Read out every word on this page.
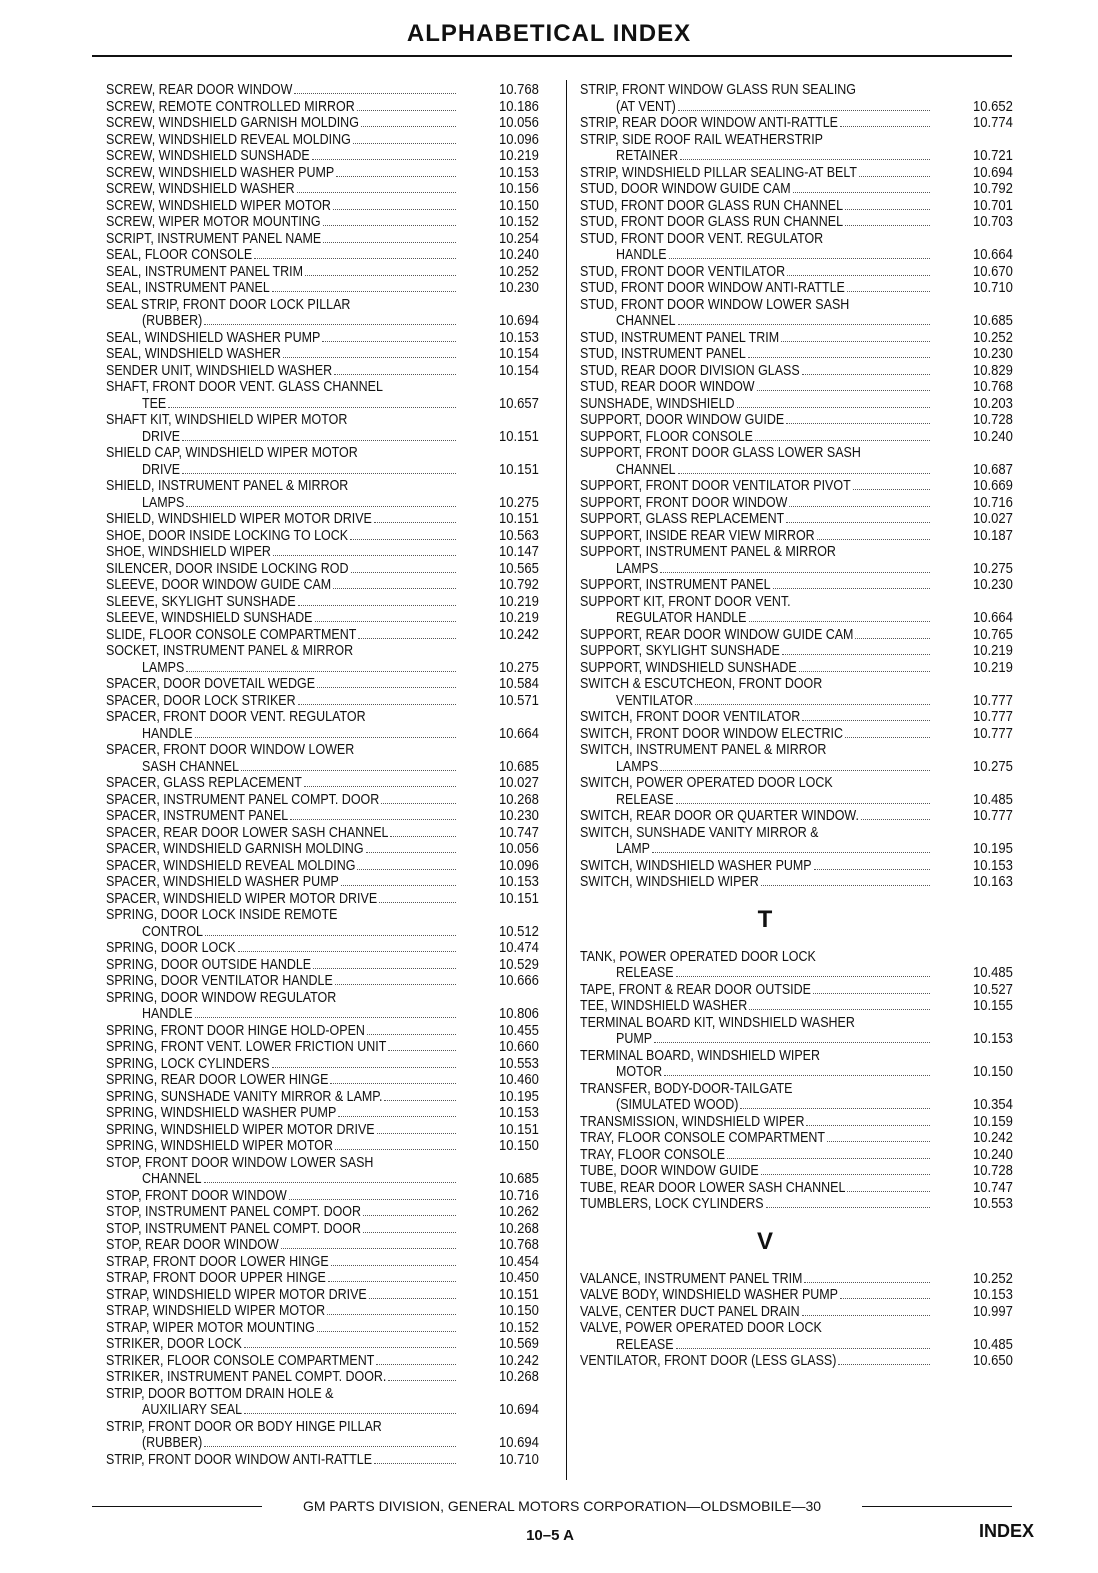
ALPHABETICAL INDEX
SCREW, REAR DOOR WINDOW	10.768
SCREW, REMOTE CONTROLLED MIRROR	10.186
SCREW, WINDSHIELD GARNISH MOLDING	10.056
SCREW, WINDSHIELD REVEAL MOLDING	10.096
SCREW, WINDSHIELD SUNSHADE	10.219
SCREW, WINDSHIELD WASHER PUMP	10.153
SCREW, WINDSHIELD WASHER	10.156
SCREW, WINDSHIELD WIPER MOTOR	10.150
SCREW, WIPER MOTOR MOUNTING	10.152
SCRIPT, INSTRUMENT PANEL NAME	10.254
SEAL, FLOOR CONSOLE	10.240
SEAL, INSTRUMENT PANEL TRIM	10.252
SEAL, INSTRUMENT PANEL	10.230
SEAL STRIP, FRONT DOOR LOCK PILLAR
(RUBBER)	10.694
SEAL, WINDSHIELD WASHER PUMP	10.153
SEAL, WINDSHIELD WASHER	10.154
SENDER UNIT, WINDSHIELD WASHER	10.154
SHAFT, FRONT DOOR VENT. GLASS CHANNEL
TEE	10.657
SHAFT KIT, WINDSHIELD WIPER MOTOR
DRIVE	10.151
SHIELD CAP, WINDSHIELD WIPER MOTOR
DRIVE	10.151
SHIELD, INSTRUMENT PANEL & MIRROR
LAMPS	10.275
SHIELD, WINDSHIELD WIPER MOTOR DRIVE	10.151
SHOE, DOOR INSIDE LOCKING TO LOCK	10.563
SHOE, WINDSHIELD WIPER	10.147
SILENCER, DOOR INSIDE LOCKING ROD	10.565
SLEEVE, DOOR WINDOW GUIDE CAM	10.792
SLEEVE, SKYLIGHT SUNSHADE	10.219
SLEEVE, WINDSHIELD SUNSHADE	10.219
SLIDE, FLOOR CONSOLE COMPARTMENT	10.242
SOCKET, INSTRUMENT PANEL & MIRROR
LAMPS	10.275
SPACER, DOOR DOVETAIL WEDGE	10.584
SPACER, DOOR LOCK STRIKER	10.571
SPACER, FRONT DOOR VENT. REGULATOR
HANDLE	10.664
SPACER, FRONT DOOR WINDOW LOWER
SASH CHANNEL	10.685
SPACER, GLASS REPLACEMENT	10.027
SPACER, INSTRUMENT PANEL COMPT. DOOR	10.268
SPACER, INSTRUMENT PANEL	10.230
SPACER, REAR DOOR LOWER SASH CHANNEL	10.747
SPACER, WINDSHIELD GARNISH MOLDING	10.056
SPACER, WINDSHIELD REVEAL MOLDING	10.096
SPACER, WINDSHIELD WASHER PUMP	10.153
SPACER, WINDSHIELD WIPER MOTOR DRIVE	10.151
SPRING, DOOR LOCK INSIDE REMOTE
CONTROL	10.512
SPRING, DOOR LOCK	10.474
SPRING, DOOR OUTSIDE HANDLE	10.529
SPRING, DOOR VENTILATOR HANDLE	10.666
SPRING, DOOR WINDOW REGULATOR
HANDLE	10.806
SPRING, FRONT DOOR HINGE HOLD-OPEN	10.455
SPRING, FRONT VENT. LOWER FRICTION UNIT	10.660
SPRING, LOCK CYLINDERS	10.553
SPRING, REAR DOOR LOWER HINGE	10.460
SPRING, SUNSHADE VANITY MIRROR & LAMP.	10.195
SPRING, WINDSHIELD WASHER PUMP	10.153
SPRING, WINDSHIELD WIPER MOTOR DRIVE	10.151
SPRING, WINDSHIELD WIPER MOTOR	10.150
STOP, FRONT DOOR WINDOW LOWER SASH
CHANNEL	10.685
STOP, FRONT DOOR WINDOW	10.716
STOP, INSTRUMENT PANEL COMPT. DOOR	10.262
STOP, INSTRUMENT PANEL COMPT. DOOR	10.268
STOP, REAR DOOR WINDOW	10.768
STRAP, FRONT DOOR LOWER HINGE	10.454
STRAP, FRONT DOOR UPPER HINGE	10.450
STRAP, WINDSHIELD WIPER MOTOR DRIVE	10.151
STRAP, WINDSHIELD WIPER MOTOR	10.150
STRAP, WIPER MOTOR MOUNTING	10.152
STRIKER, DOOR LOCK	10.569
STRIKER, FLOOR CONSOLE COMPARTMENT	10.242
STRIKER, INSTRUMENT PANEL COMPT. DOOR.	10.268
STRIP, DOOR BOTTOM DRAIN HOLE &
AUXILIARY SEAL	10.694
STRIP, FRONT DOOR OR BODY HINGE PILLAR
(RUBBER)	10.694
STRIP, FRONT DOOR WINDOW ANTI-RATTLE	10.710
STRIP, FRONT WINDOW GLASS RUN SEALING
(AT VENT)	10.652
STRIP, REAR DOOR WINDOW ANTI-RATTLE	10.774
STRIP, SIDE ROOF RAIL WEATHERSTRIP
RETAINER	10.721
STRIP, WINDSHIELD PILLAR SEALING-AT BELT	10.694
STUD, DOOR WINDOW GUIDE CAM	10.792
STUD, FRONT DOOR GLASS RUN CHANNEL	10.701
STUD, FRONT DOOR GLASS RUN CHANNEL	10.703
STUD, FRONT DOOR VENT. REGULATOR
HANDLE	10.664
STUD, FRONT DOOR VENTILATOR	10.670
STUD, FRONT DOOR WINDOW ANTI-RATTLE	10.710
STUD, FRONT DOOR WINDOW LOWER SASH
CHANNEL	10.685
STUD, INSTRUMENT PANEL TRIM	10.252
STUD, INSTRUMENT PANEL	10.230
STUD, REAR DOOR DIVISION GLASS	10.829
STUD, REAR DOOR WINDOW	10.768
SUNSHADE, WINDSHIELD	10.203
SUPPORT, DOOR WINDOW GUIDE	10.728
SUPPORT, FLOOR CONSOLE	10.240
SUPPORT, FRONT DOOR GLASS LOWER SASH
CHANNEL	10.687
SUPPORT, FRONT DOOR VENTILATOR PIVOT	10.669
SUPPORT, FRONT DOOR WINDOW	10.716
SUPPORT, GLASS REPLACEMENT	10.027
SUPPORT, INSIDE REAR VIEW MIRROR	10.187
SUPPORT, INSTRUMENT PANEL & MIRROR
LAMPS	10.275
SUPPORT, INSTRUMENT PANEL	10.230
SUPPORT KIT, FRONT DOOR VENT.
REGULATOR HANDLE	10.664
SUPPORT, REAR DOOR WINDOW GUIDE CAM	10.765
SUPPORT, SKYLIGHT SUNSHADE	10.219
SUPPORT, WINDSHIELD SUNSHADE	10.219
SWITCH & ESCUTCHEON, FRONT DOOR
VENTILATOR	10.777
SWITCH, FRONT DOOR VENTILATOR	10.777
SWITCH, FRONT DOOR WINDOW ELECTRIC	10.777
SWITCH, INSTRUMENT PANEL & MIRROR
LAMPS	10.275
SWITCH, POWER OPERATED DOOR LOCK
RELEASE	10.485
SWITCH, REAR DOOR OR QUARTER WINDOW.	10.777
SWITCH, SUNSHADE VANITY MIRROR &
LAMP	10.195
SWITCH, WINDSHIELD WASHER PUMP	10.153
SWITCH, WINDSHIELD WIPER	10.163
T
TANK, POWER OPERATED DOOR LOCK
RELEASE	10.485
TAPE, FRONT & REAR DOOR OUTSIDE	10.527
TEE, WINDSHIELD WASHER	10.155
TERMINAL BOARD KIT, WINDSHIELD WASHER
PUMP	10.153
TERMINAL BOARD, WINDSHIELD WIPER
MOTOR	10.150
TRANSFER, BODY-DOOR-TAILGATE
(SIMULATED WOOD)	10.354
TRANSMISSION, WINDSHIELD WIPER	10.159
TRAY, FLOOR CONSOLE COMPARTMENT	10.242
TRAY, FLOOR CONSOLE	10.240
TUBE, DOOR WINDOW GUIDE	10.728
TUBE, REAR DOOR LOWER SASH CHANNEL	10.747
TUMBLERS, LOCK CYLINDERS	10.553
V
VALANCE, INSTRUMENT PANEL TRIM	10.252
VALVE BODY, WINDSHIELD WASHER PUMP	10.153
VALVE, CENTER DUCT PANEL DRAIN	10.997
VALVE, POWER OPERATED DOOR LOCK
RELEASE	10.485
VENTILATOR, FRONT DOOR (LESS GLASS)	10.650
GM PARTS DIVISION, GENERAL MOTORS CORPORATION—OLDSMOBILE—30
10–5 A	INDEX
